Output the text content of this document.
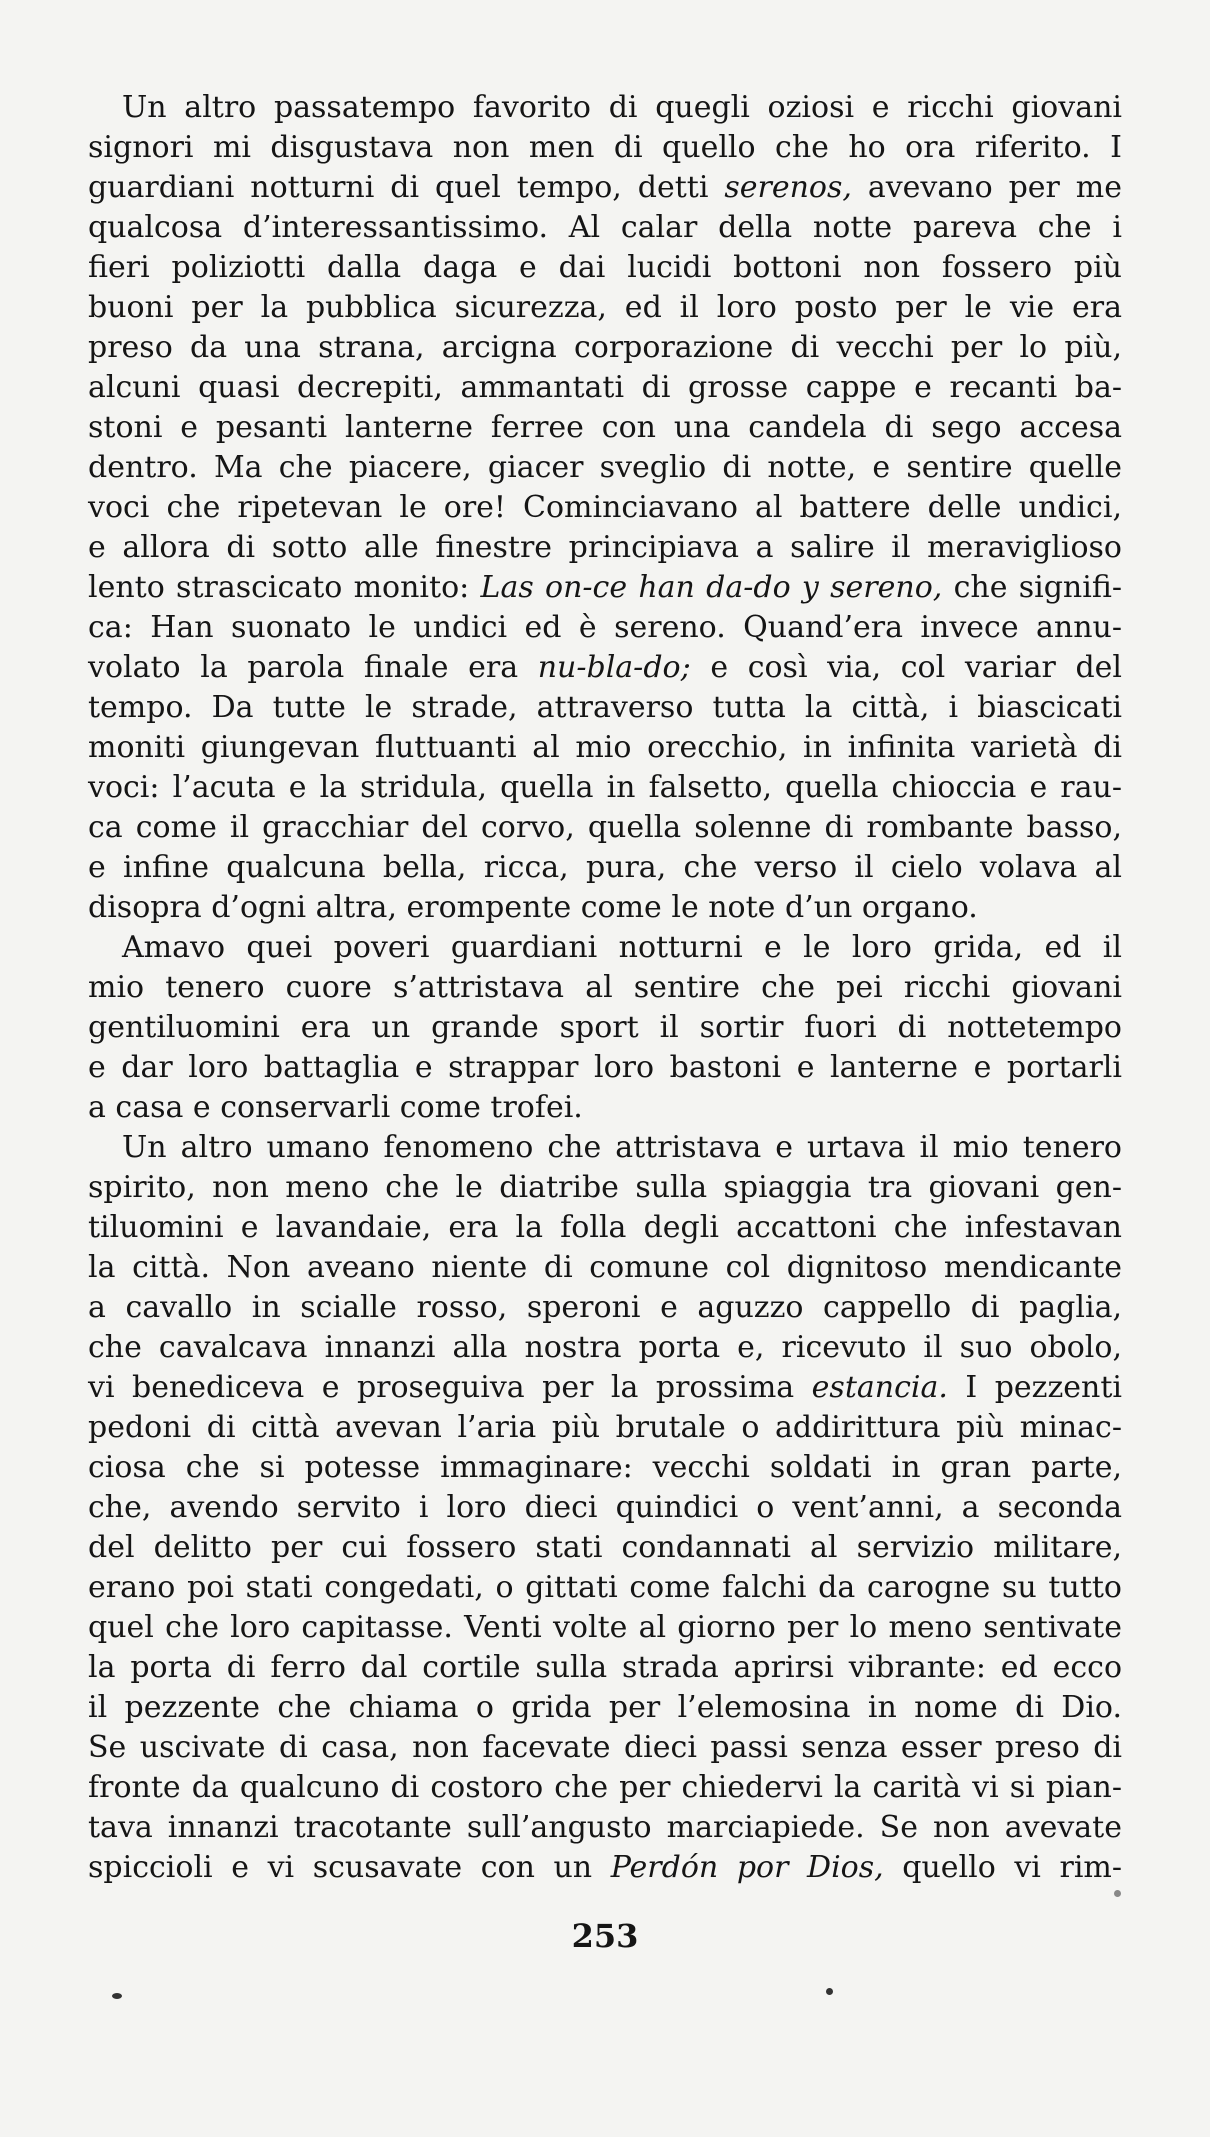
Un altro passatempo favorito di quegli oziosi e ricchi giovani
signori mi disgustava non men di quello che ho ora riferito. I
guardiani notturni di quel tempo, detti serenos, avevano per me
qualcosa d’interessantissimo. Al calar della notte pareva che i
fieri poliziotti dalla daga e dai lucidi bottoni non fossero più
buoni per la pubblica sicurezza, ed il loro posto per le vie era
preso da una strana, arcigna corporazione di vecchi per lo più,
alcuni quasi decrepiti, ammantati di grosse cappe e recanti ba-
stoni e pesanti lanterne ferree con una candela di sego accesa
dentro. Ma che piacere, giacer sveglio di notte, e sentire quelle
voci che ripetevan le ore! Cominciavano al battere delle undici,
e allora di sotto alle finestre principiava a salire il meraviglioso
lento strascicato monito: Las on-ce han da-do y sereno, che signifi-
ca: Han suonato le undici ed è sereno. Quand’era invece annu-
volato la parola finale era nu-bla-do; e così via, col variar del
tempo. Da tutte le strade, attraverso tutta la città, i biascicati
moniti giungevan fluttuanti al mio orecchio, in infinita varietà di
voci: l’acuta e la stridula, quella in falsetto, quella chioccia e rau-
ca come il gracchiar del corvo, quella solenne di rombante basso,
e infine qualcuna bella, ricca, pura, che verso il cielo volava al
disopra d’ogni altra, erompente come le note d’un organo.
Amavo quei poveri guardiani notturni e le loro grida, ed il
mio tenero cuore s’attristava al sentire che pei ricchi giovani
gentiluomini era un grande sport il sortir fuori di nottetempo
e dar loro battaglia e strappar loro bastoni e lanterne e portarli
a casa e conservarli come trofei.
Un altro umano fenomeno che attristava e urtava il mio tenero
spirito, non meno che le diatribe sulla spiaggia tra giovani gen-
tiluomini e lavandaie, era la folla degli accattoni che infestavan
la città. Non aveano niente di comune col dignitoso mendicante
a cavallo in scialle rosso, speroni e aguzzo cappello di paglia,
che cavalcava innanzi alla nostra porta e, ricevuto il suo obolo,
vi benediceva e proseguiva per la prossima estancia. I pezzenti
pedoni di città avevan l’aria più brutale o addirittura più minac-
ciosa che si potesse immaginare: vecchi soldati in gran parte,
che, avendo servito i loro dieci quindici o vent’anni, a seconda
del delitto per cui fossero stati condannati al servizio militare,
erano poi stati congedati, o gittati come falchi da carogne su tutto
quel che loro capitasse. Venti volte al giorno per lo meno sentivate
la porta di ferro dal cortile sulla strada aprirsi vibrante: ed ecco
il pezzente che chiama o grida per l’elemosina in nome di Dio.
Se uscivate di casa, non facevate dieci passi senza esser preso di
fronte da qualcuno di costoro che per chiedervi la carità vi si pian-
tava innanzi tracotante sull’angusto marciapiede. Se non avevate
spiccioli e vi scusavate con un Perdón por Dios, quello vi rim-
253
